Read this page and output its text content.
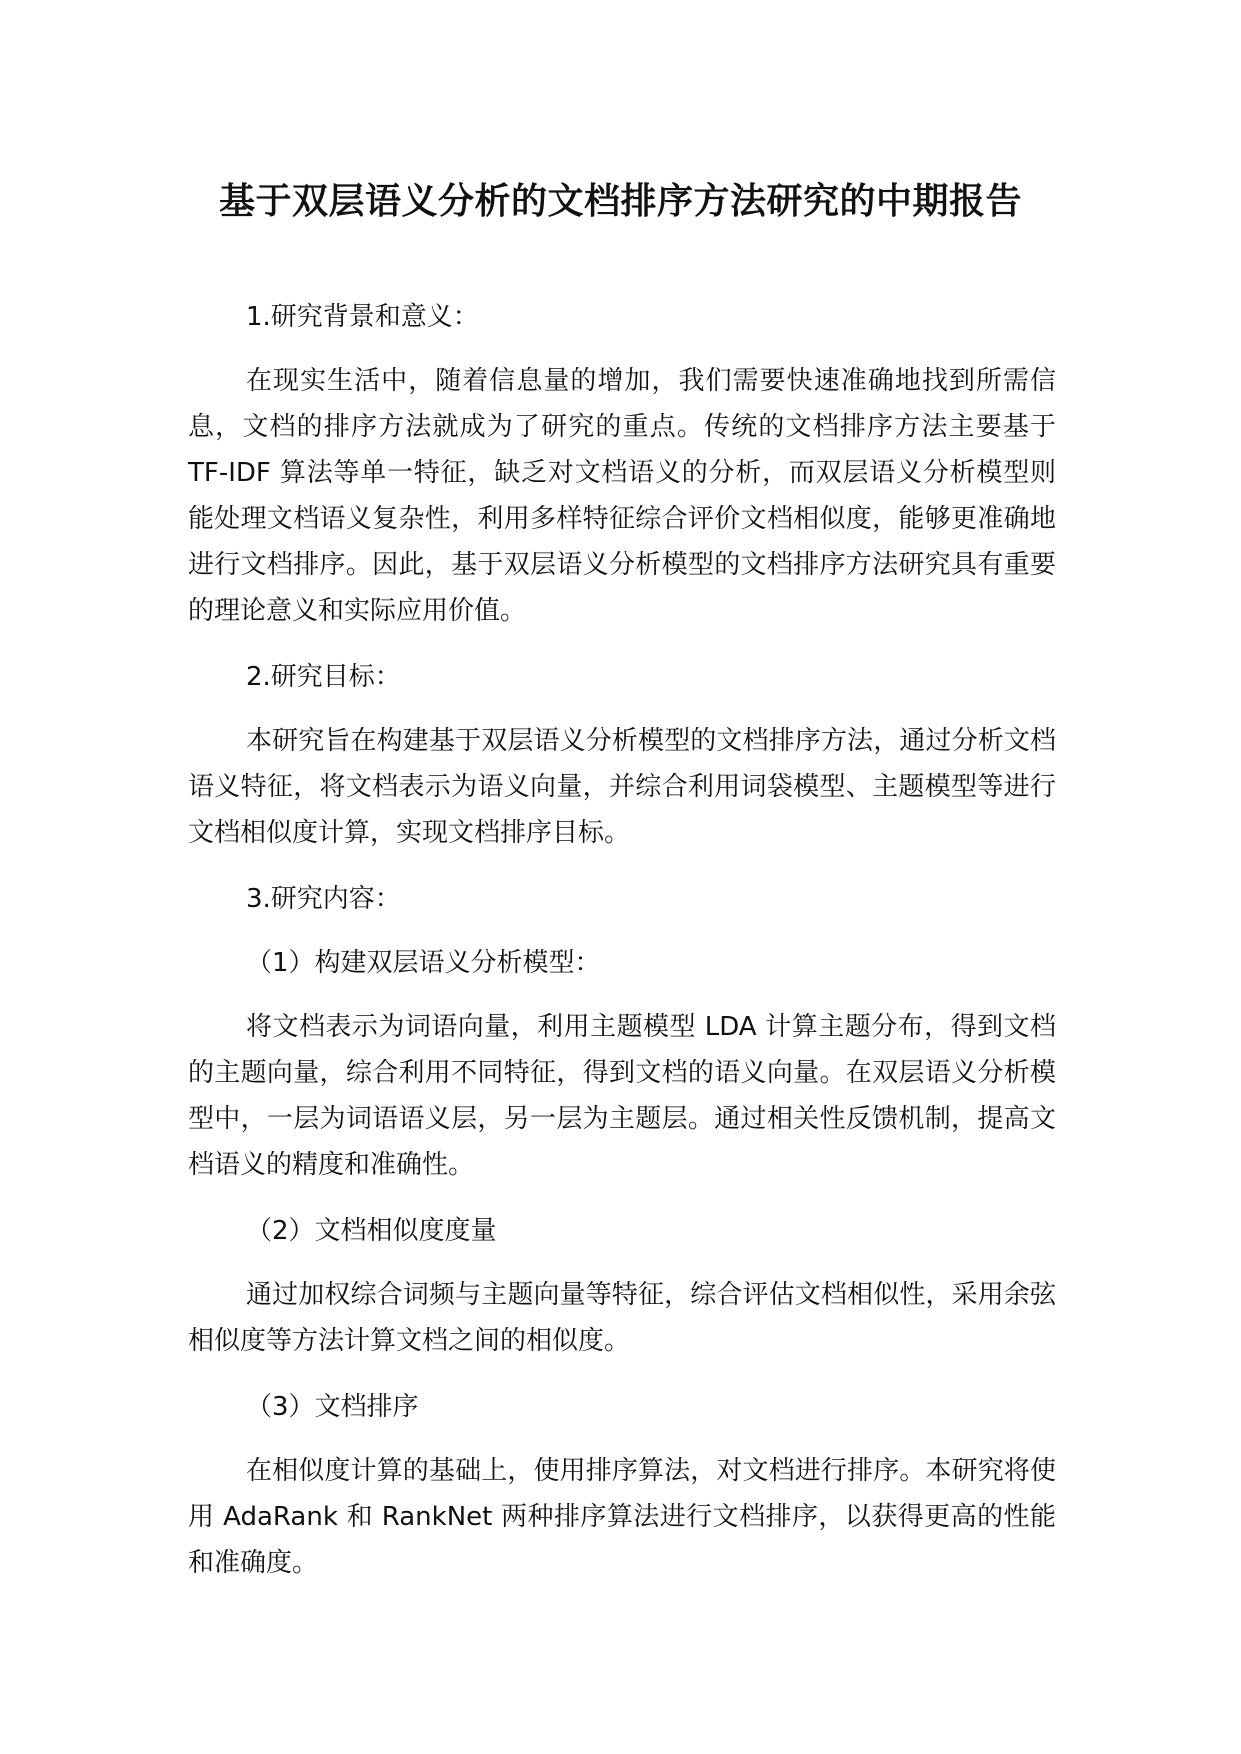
基于双层语义分析的文档排序方法研究的中期报告

1.研究背景和意义：

在现实生活中，随着信息量的增加，我们需要快速准确地找到所需信息，文档的排序方法就成为了研究的重点。传统的文档排序方法主要基于 TF-IDF 算法等单一特征，缺乏对文档语义的分析，而双层语义分析模型则能处理文档语义复杂性，利用多样特征综合评价文档相似度，能够更准确地进行文档排序。因此，基于双层语义分析模型的文档排序方法研究具有重要的理论意义和实际应用价值。

2.研究目标：

本研究旨在构建基于双层语义分析模型的文档排序方法，通过分析文档语义特征，将文档表示为语义向量，并综合利用词袋模型、主题模型等进行文档相似度计算，实现文档排序目标。

3.研究内容：

（1）构建双层语义分析模型：

将文档表示为词语向量，利用主题模型 LDA 计算主题分布，得到文档的主题向量，综合利用不同特征，得到文档的语义向量。在双层语义分析模型中，一层为词语语义层，另一层为主题层。通过相关性反馈机制，提高文档语义的精度和准确性。

（2）文档相似度度量

通过加权综合词频与主题向量等特征，综合评估文档相似性，采用余弦相似度等方法计算文档之间的相似度。

（3）文档排序

在相似度计算的基础上，使用排序算法，对文档进行排序。本研究将使用 AdaRank 和 RankNet 两种排序算法进行文档排序，以获得更高的性能和准确度。
